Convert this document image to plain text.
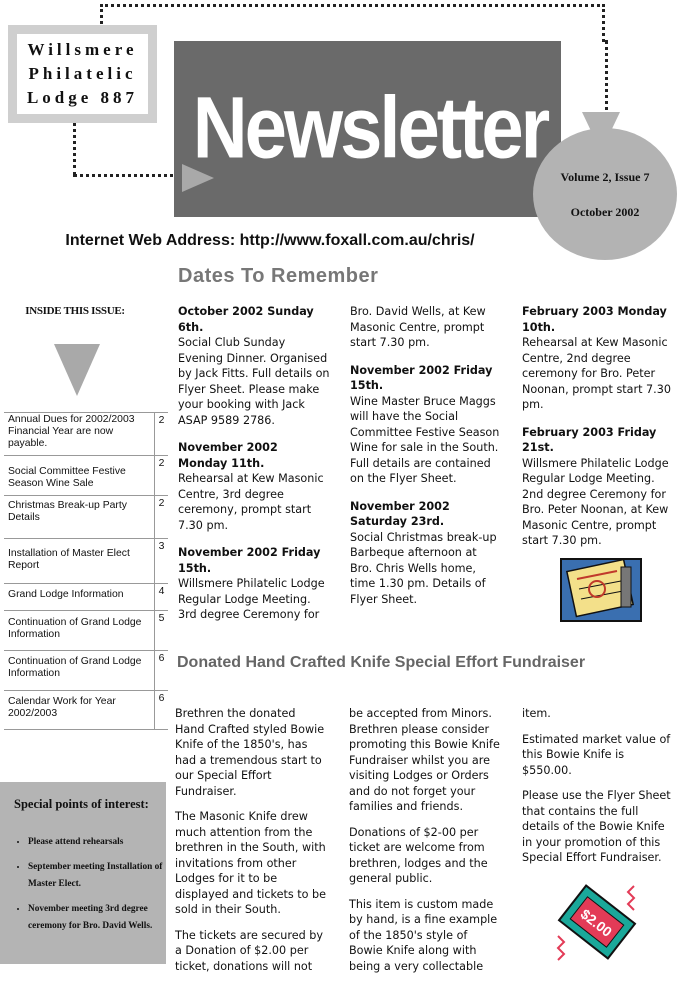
Willsmere
Philatelic
Lodge 887 Newsletter	Volume 2, Issue 7
October 2002
Internet Web Address: http://www.foxall.com.au/chris/
INSIDE THIS ISSUE:
Annual Dues for 2002/2003 Financial Year are now payable.
2
Social Committee Festive Season Wine Sale
2
Christmas Break-up Party Details
2
Installation of Master Elect Report
3
Grand Lodge Information	4
Continuation of Grand Lodge Information
5
Continuation of Grand Lodge Information
6
Calendar Work for Year 2002/2003
6
Special points of interest:
• Please attend rehearsals
• September meeting Installation of Master Elect.
• November meeting 3rd degree ceremony for Bro. David Wells.
Dates To Remember
October 2002 Sunday 6th.
Social Club Sunday Evening Dinner. Organised by Jack Fitts. Full details on Flyer Sheet. Please make your booking with Jack ASAP 9589 2786.
November 2002 Monday 11th.
Rehearsal at Kew Masonic Centre, 3rd degree ceremony, prompt start 7.30 pm.
November 2002 Friday 15th.
Willsmere Philatelic Lodge Regular Lodge Meeting. 3rd degree Ceremony for
Bro. David Wells, at Kew Masonic Centre, prompt start 7.30 pm.
November 2002 Friday 15th.
Wine Master Bruce Maggs will have the Social Committee Festive Season Wine for sale in the South. Full details are contained on the Flyer Sheet.
November 2002 Saturday 23rd.
Social Christmas break-up Barbeque afternoon at Bro. Chris Wells home, time 1.30 pm. Details of Flyer Sheet.
February 2003 Monday 10th.
Rehearsal at Kew Masonic Centre, 2nd degree ceremony for Bro. Peter Noonan, prompt start 7.30 pm.
February 2003 Friday 21st.
Willsmere Philatelic Lodge Regular Lodge Meeting. 2nd degree Ceremony for Bro. Peter Noonan, at Kew Masonic Centre, prompt start 7.30 pm.
Donated Hand Crafted Knife Special Effort Fundraiser

Brethren the donated Hand Crafted styled Bowie Knife of the 1850's, has had a tremendous start to our Special Effort Fundraiser.

The Masonic Knife drew much attention from the brethren in the South, with invitations from other Lodges for it to be displayed and tickets to be sold in their South.

The tickets are secured by a Donation of $2.00 per ticket, donations will not

be accepted from Minors. Brethren please consider promoting this Bowie Knife Fundraiser whilst you are visiting Lodges or Orders and do not forget your families and friends.

Donations of $2-00 per ticket are welcome from brethren, lodges and the general public.

This item is custom made by hand, is a fine example of the 1850's style of Bowie Knife along with being a very collectable

item.

Estimated market value of this Bowie Knife is $550.00.

Please use the Flyer Sheet that contains the full details of the Bowie Knife in your promotion of this Special Effort Fundraiser.

$2.00
